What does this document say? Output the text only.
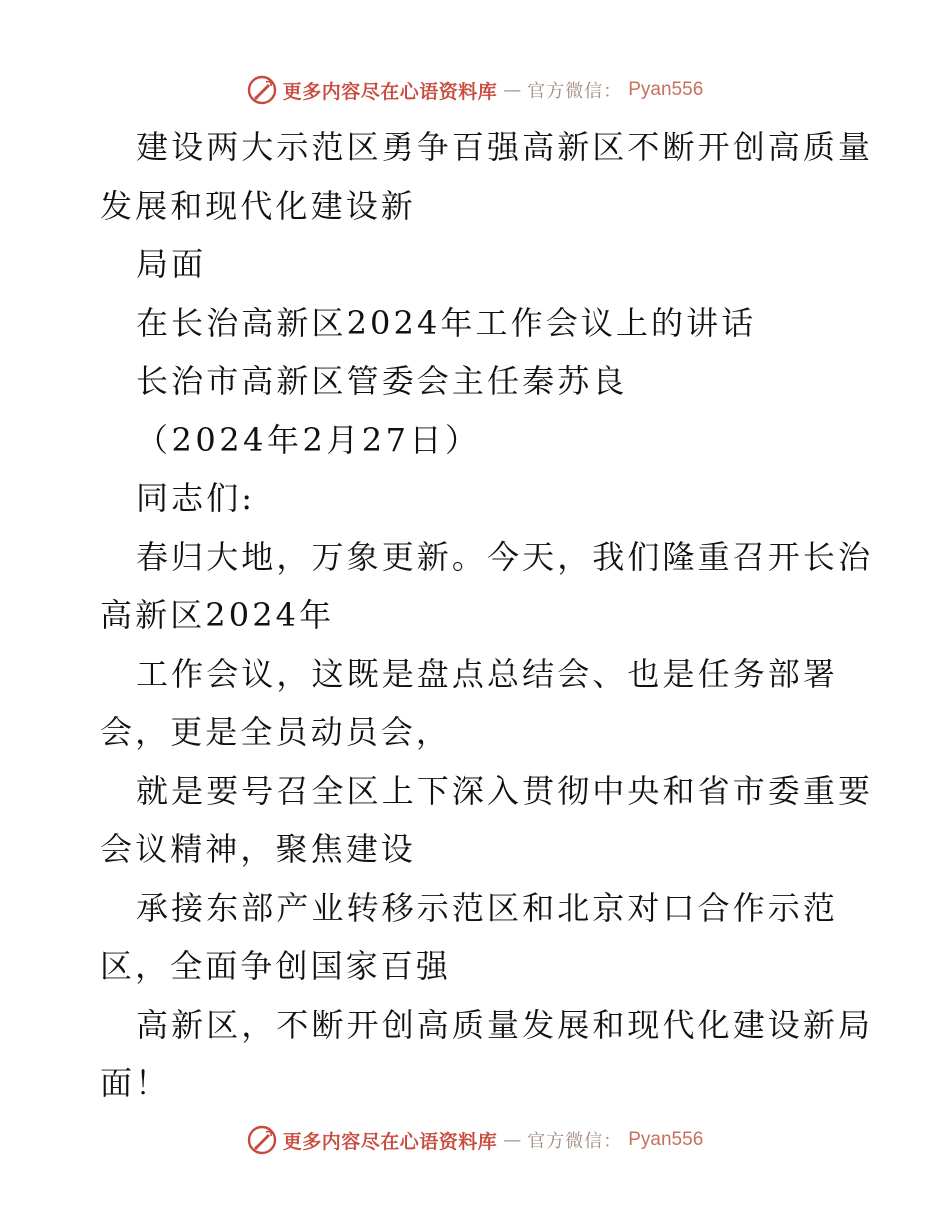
更多内容尽在心语资料库 — 官方微信： Pyan556
建设两大示范区勇争百强高新区不断开创高质量
发展和现代化建设新
局面
在长治高新区2024年工作会议上的讲话
长治市高新区管委会主任秦苏良
（2024年2月27日）
同志们:
春归大地，万象更新。今天，我们隆重召开长治
高新区2024年
工作会议，这既是盘点总结会、也是任务部署
会，更是全员动员会，
就是要号召全区上下深入贯彻中央和省市委重要
会议精神，聚焦建设
承接东部产业转移示范区和北京对口合作示范
区，全面争创国家百强
高新区，不断开创高质量发展和现代化建设新局
面！
更多内容尽在心语资料库 — 官方微信： Pyan556
